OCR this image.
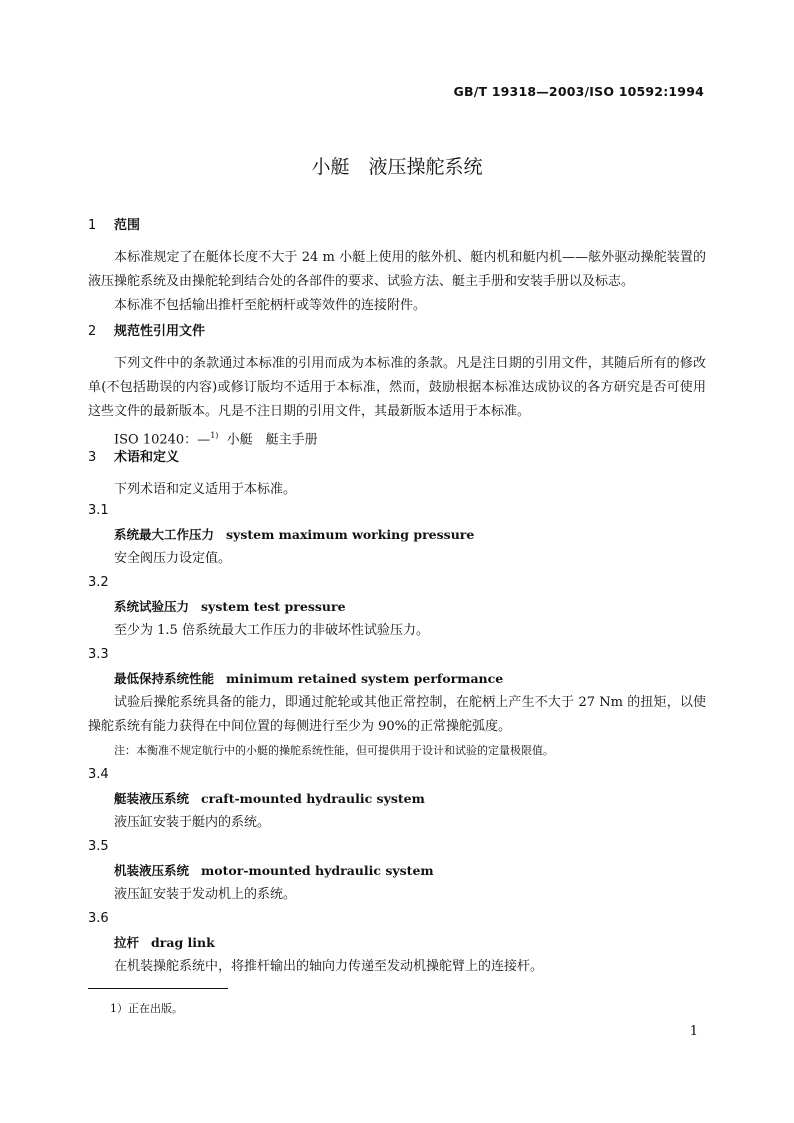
GB/T 19318—2003/ISO 10592:1994
小艇　液压操舵系统
1 范围
本标准规定了在艇体长度不大于 24 m 小艇上使用的舷外机、艇内机和艇内机——舷外驱动操舵装置的液压操舵系统及由操舵轮到结合处的各部件的要求、试验方法、艇主手册和安装手册以及标志。
本标准不包括输出推杆至舵柄杆或等效件的连接附件。
2 规范性引用文件
下列文件中的条款通过本标准的引用而成为本标准的条款。凡是注日期的引用文件，其随后所有的修改单(不包括勘误的内容)或修订版均不适用于本标准，然而，鼓励根据本标准达成协议的各方研究是否可使用这些文件的最新版本。凡是不注日期的引用文件，其最新版本适用于本标准。
ISO 10240：—$^{1)}$ 小艇　艇主手册
3 术语和定义
下列术语和定义适用于本标准。
3.1
系统最大工作压力 system maximum working pressure
安全阀压力设定值。
3.2
系统试验压力 system test pressure
至少为 1.5 倍系统最大工作压力的非破坏性试验压力。
3.3
最低保持系统性能 minimum retained system performance
试验后操舵系统具备的能力，即通过舵轮或其他正常控制，在舵柄上产生不大于 27 Nm 的扭矩，以使操舵系统有能力获得在中间位置的每侧进行至少为 90%的正常操舵弧度。
注：本衡准不规定航行中的小艇的操舵系统性能，但可提供用于设计和试验的定量极限值。
3.4
艇装液压系统 craft-mounted hydraulic system
液压缸安装于艇内的系统。
3.5
机装液压系统 motor-mounted hydraulic system
液压缸安装于发动机上的系统。
3.6
拉杆 drag link
在机装操舵系统中，将推杆输出的轴向力传递至发动机操舵臂上的连接杆。
1）正在出版。
1
